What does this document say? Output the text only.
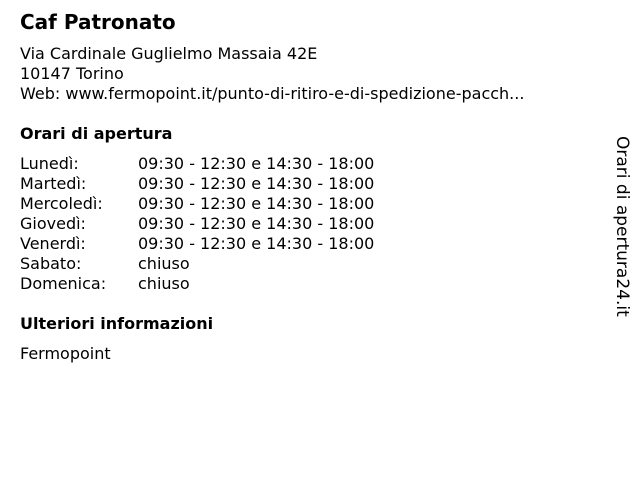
Caf Patronato
Via Cardinale Guglielmo Massaia 42E
10147 Torino
Web: www.fermopoint.it/punto-di-ritiro-e-di-spedizione-pacch...
Orari di apertura
Lunedì:	09:30 - 12:30 e 14:30 - 18:00
Martedì:	09:30 - 12:30 e 14:30 - 18:00
Mercoledì: 09:30 - 12:30 e 14:30 - 18:00
Giovedì:	09:30 - 12:30 e 14:30 - 18:00
Venerdì:	09:30 - 12:30 e 14:30 - 18:00
Sabato:	chiuso
Domenica: chiuso
Ulteriori informazioni
Fermopoint
Orari di apertura24.it
